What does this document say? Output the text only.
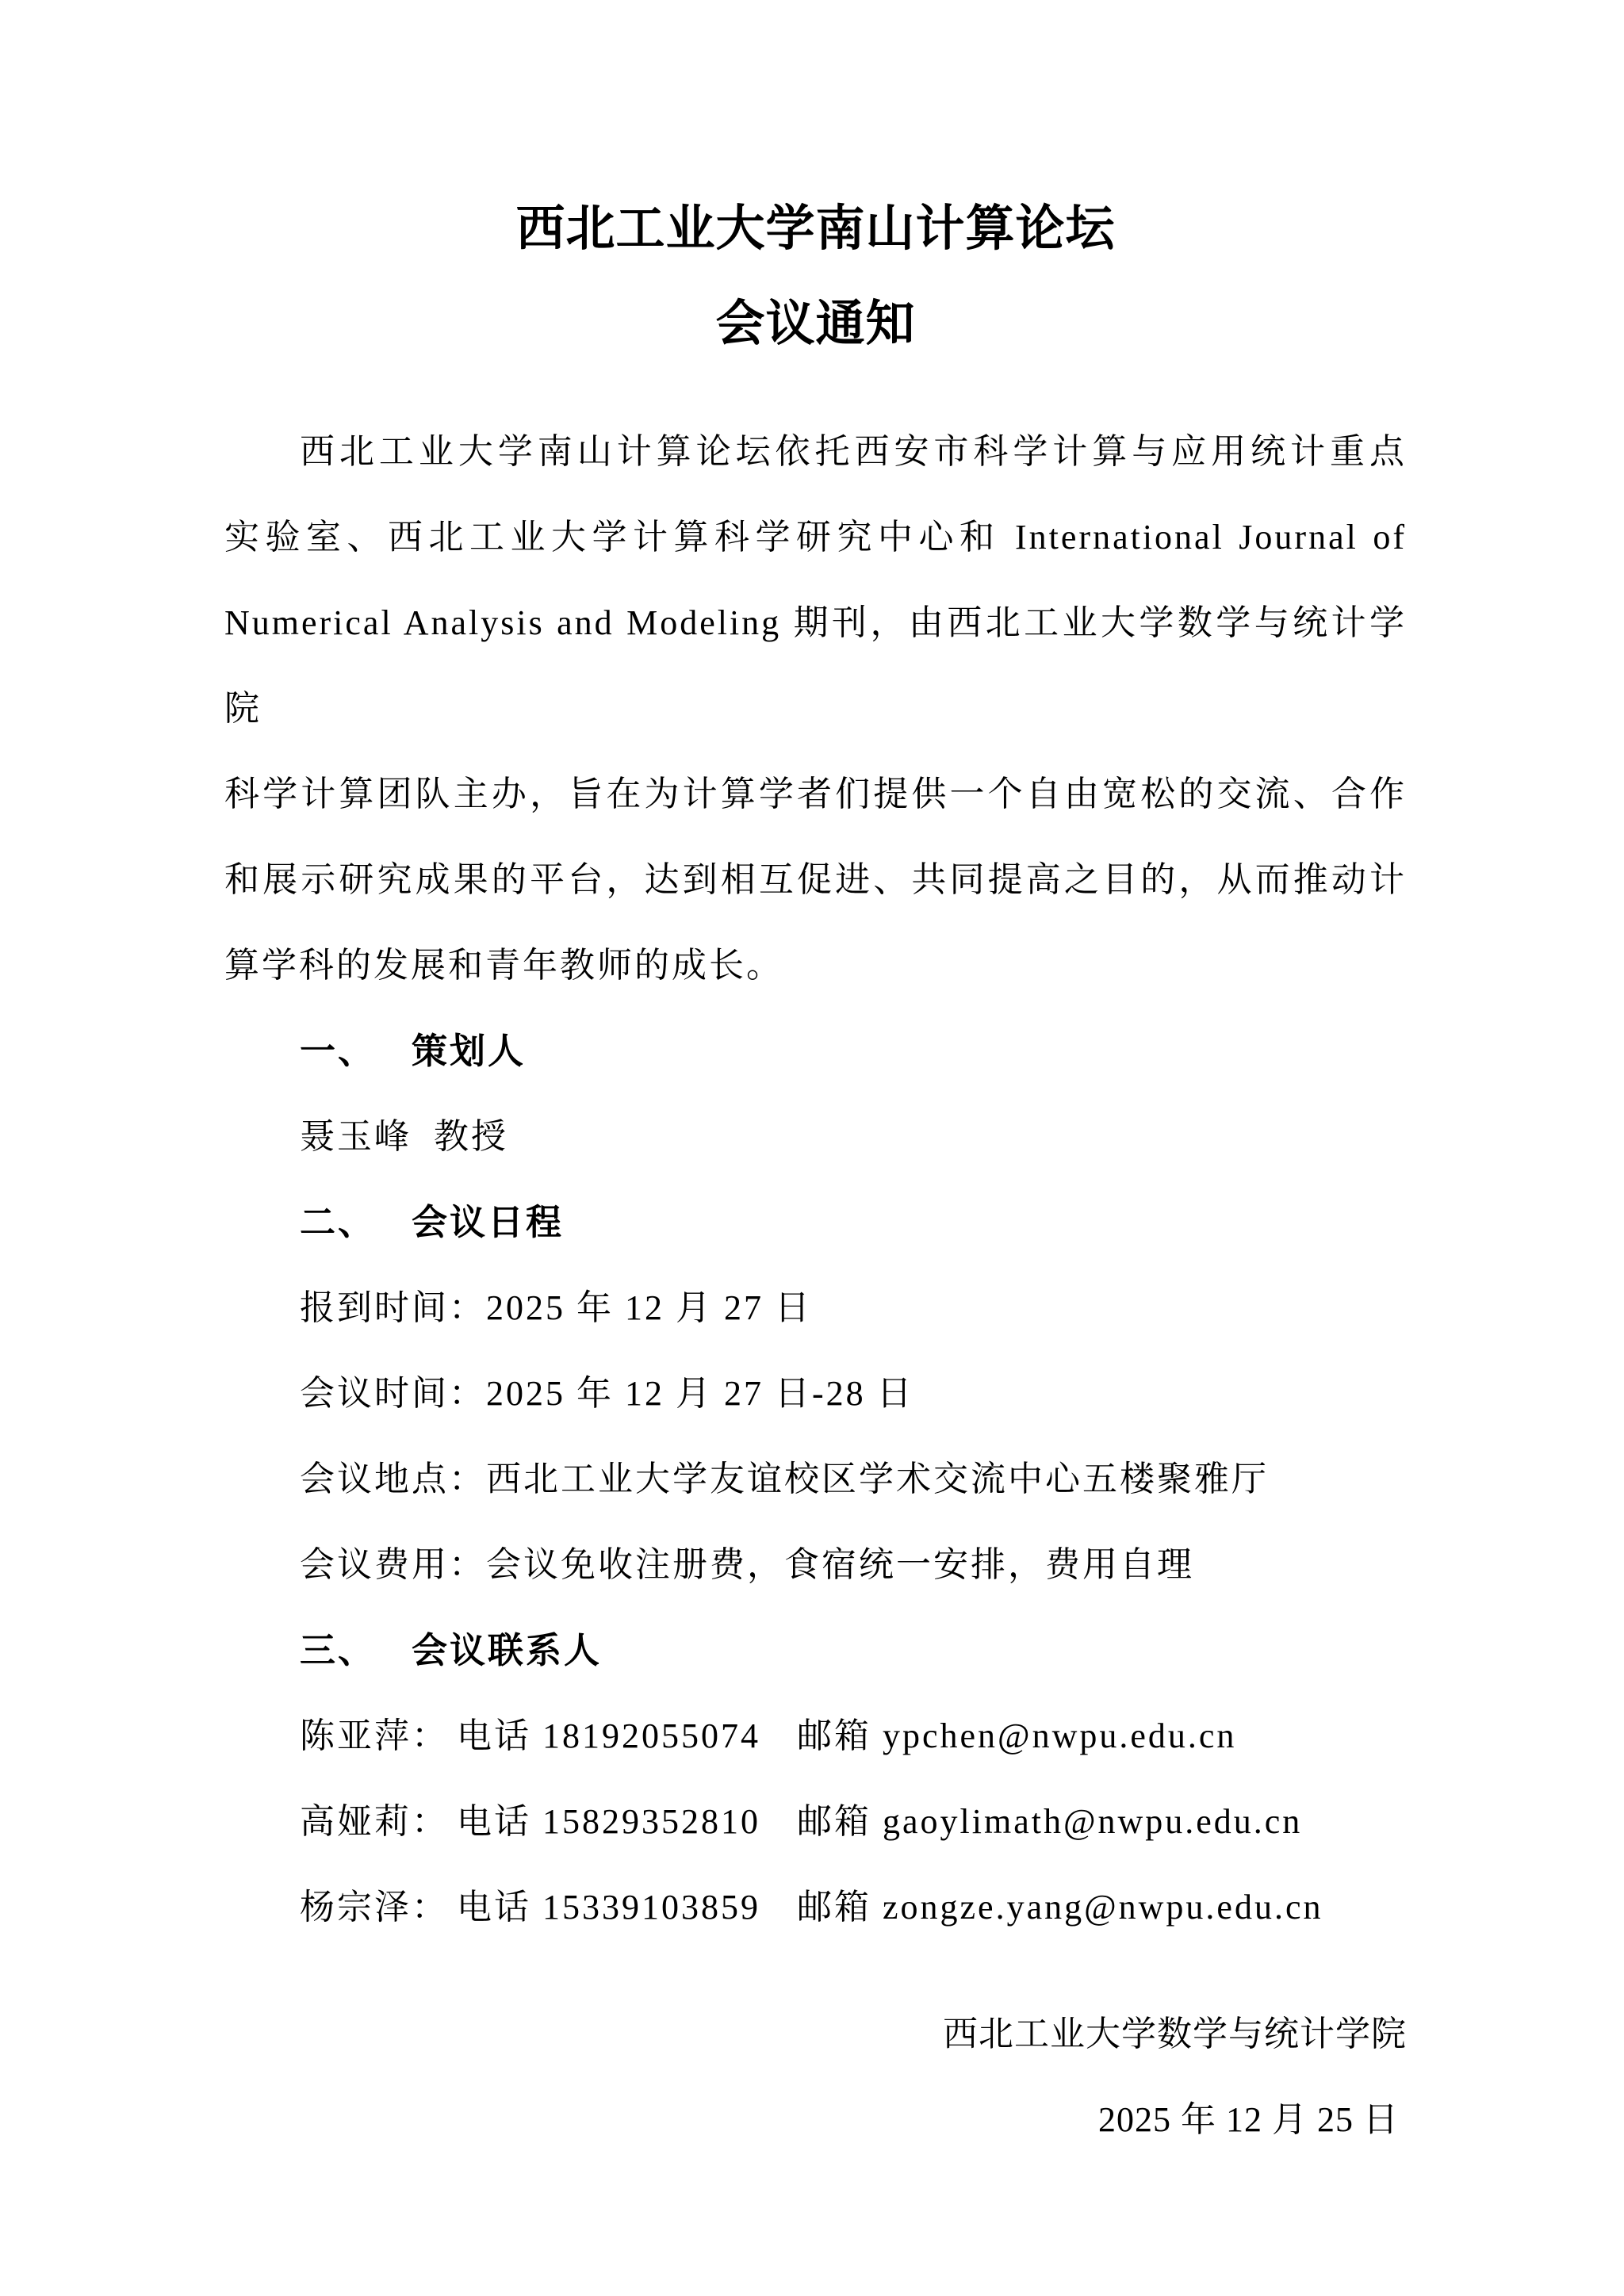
西北工业大学南山计算论坛
会议通知
西北工业大学南山计算论坛依托西安市科学计算与应用统计重点
实验室、西北工业大学计算科学研究中心和 International Journal of
Numerical Analysis and Modeling 期刊，由西北工业大学数学与统计学院
科学计算团队主办，旨在为计算学者们提供一个自由宽松的交流、合作
和展示研究成果的平台，达到相互促进、共同提高之目的，从而推动计
算学科的发展和青年教师的成长。
一、 策划人
聂玉峰 教授
二、 会议日程
报到时间：2025 年 12 月 27 日
会议时间：2025 年 12 月 27 日-28 日
会议地点：西北工业大学友谊校区学术交流中心五楼聚雅厅
会议费用：会议免收注册费，食宿统一安排，费用自理
三、 会议联系人
陈亚萍： 电话 18192055074 邮箱 ypchen@nwpu.edu.cn
高娅莉： 电话 15829352810 邮箱 gaoylimath@nwpu.edu.cn
杨宗泽： 电话 15339103859 邮箱 zongze.yang@nwpu.edu.cn
西北工业大学数学与统计学院
2025 年 12 月 25 日
